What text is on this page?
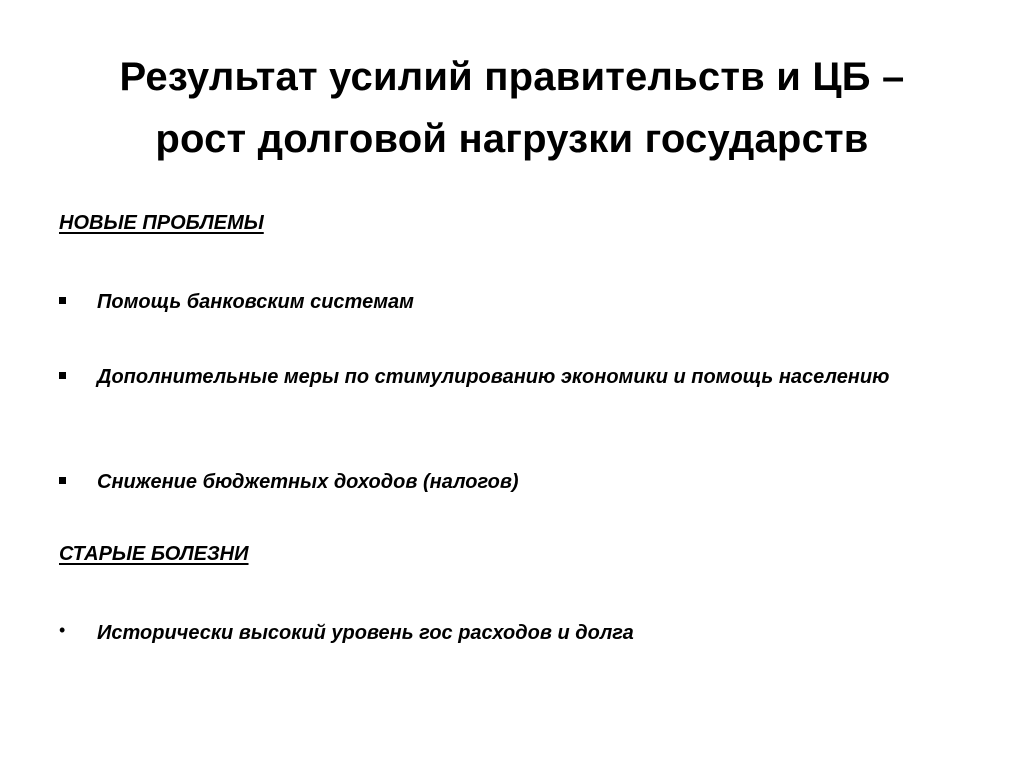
Результат усилий правительств и ЦБ –
рост долговой нагрузки государств
НОВЫЕ ПРОБЛЕМЫ
Помощь банковским системам
Дополнительные меры по стимулированию экономики и помощь населению
Снижение бюджетных доходов (налогов)
СТАРЫЕ БОЛЕЗНИ
• Исторически высокий уровень гос расходов и долга
